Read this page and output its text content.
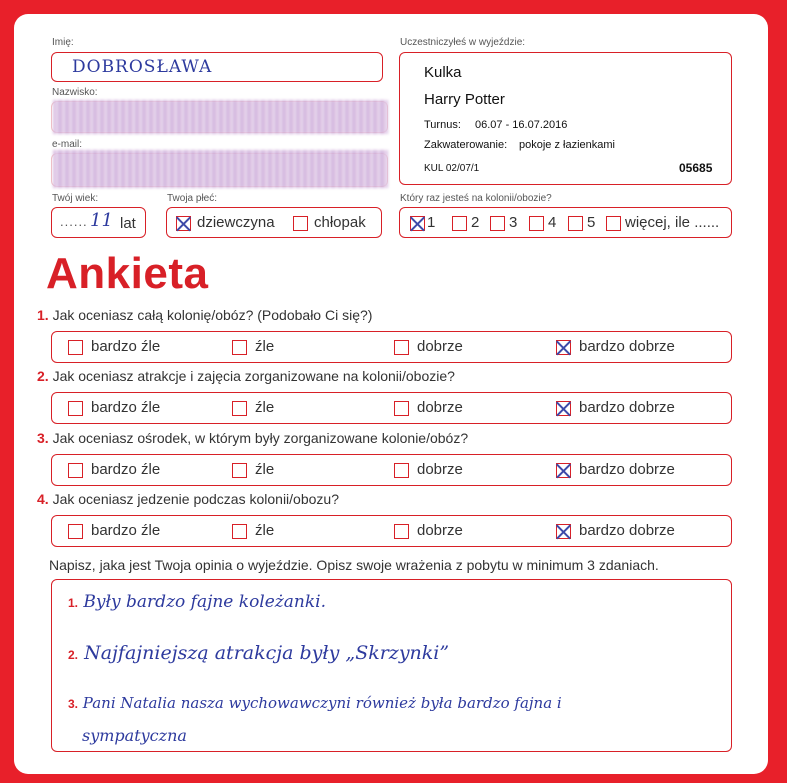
Imię:
DOBROSŁAWA
Nazwisko:
e-mail:
Twój wiek:
...... 11 lat
Twoja płeć:
dziewczyna	chłopak
Uczestniczyłeś w wyjeździe:
Kulka
Harry Potter
Turnus: 06.07 - 16.07.2016
Zakwaterowanie: pokoje z łazienkami
KUL 02/07/1	05685
Który raz jesteś na kolonii/obozie?
1	2	3	4	5	więcej, ile ......
Ankieta
1. Jak oceniasz całą kolonię/obóz? (Podobało Ci się?)
bardzo źle	źle	dobrze	bardzo dobrze
2. Jak oceniasz atrakcje i zajęcia zorganizowane na kolonii/obozie?
bardzo źle	źle	dobrze	bardzo dobrze
3. Jak oceniasz ośrodek, w którym były zorganizowane kolonie/obóz?
bardzo źle	źle	dobrze	bardzo dobrze
4. Jak oceniasz jedzenie podczas kolonii/obozu?
bardzo źle	źle	dobrze	bardzo dobrze
Napisz, jaka jest Twoja opinia o wyjeździe. Opisz swoje wrażenia z pobytu w minimum 3 zdaniach.
1. Były bardzo fajne koleżanki.
2. Najfajniejszą atrakcja były „Skrzynki”
3. Pani Natalia nasza wychowawczyni również była bardzo fajna i
sympatyczna
